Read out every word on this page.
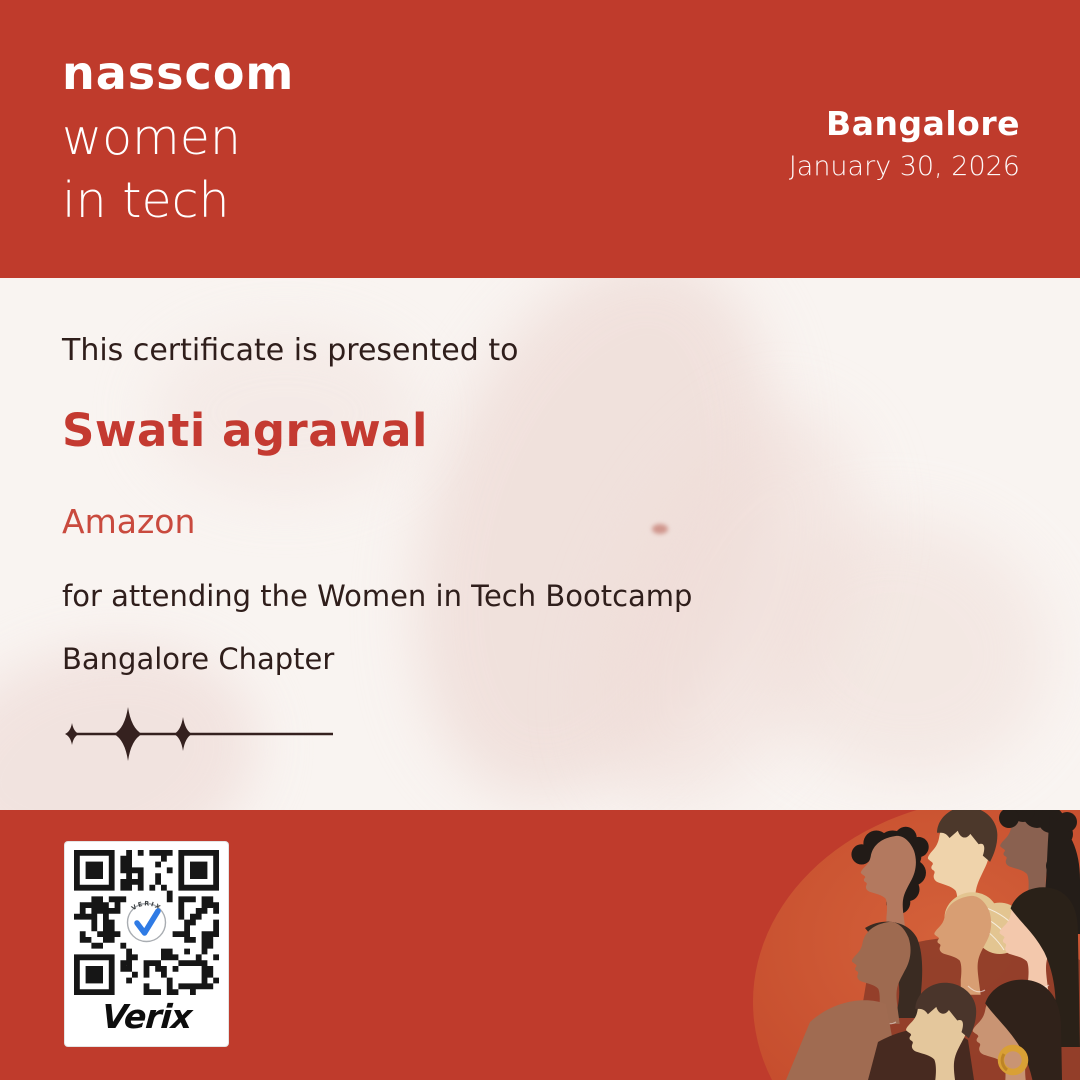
nasscom
women
in tech
Bangalore
January 30, 2026
This certificate is presented to
Swati agrawal
Amazon
for attending the Women in Tech Bootcamp
Bangalore Chapter
VERIX
Verix
